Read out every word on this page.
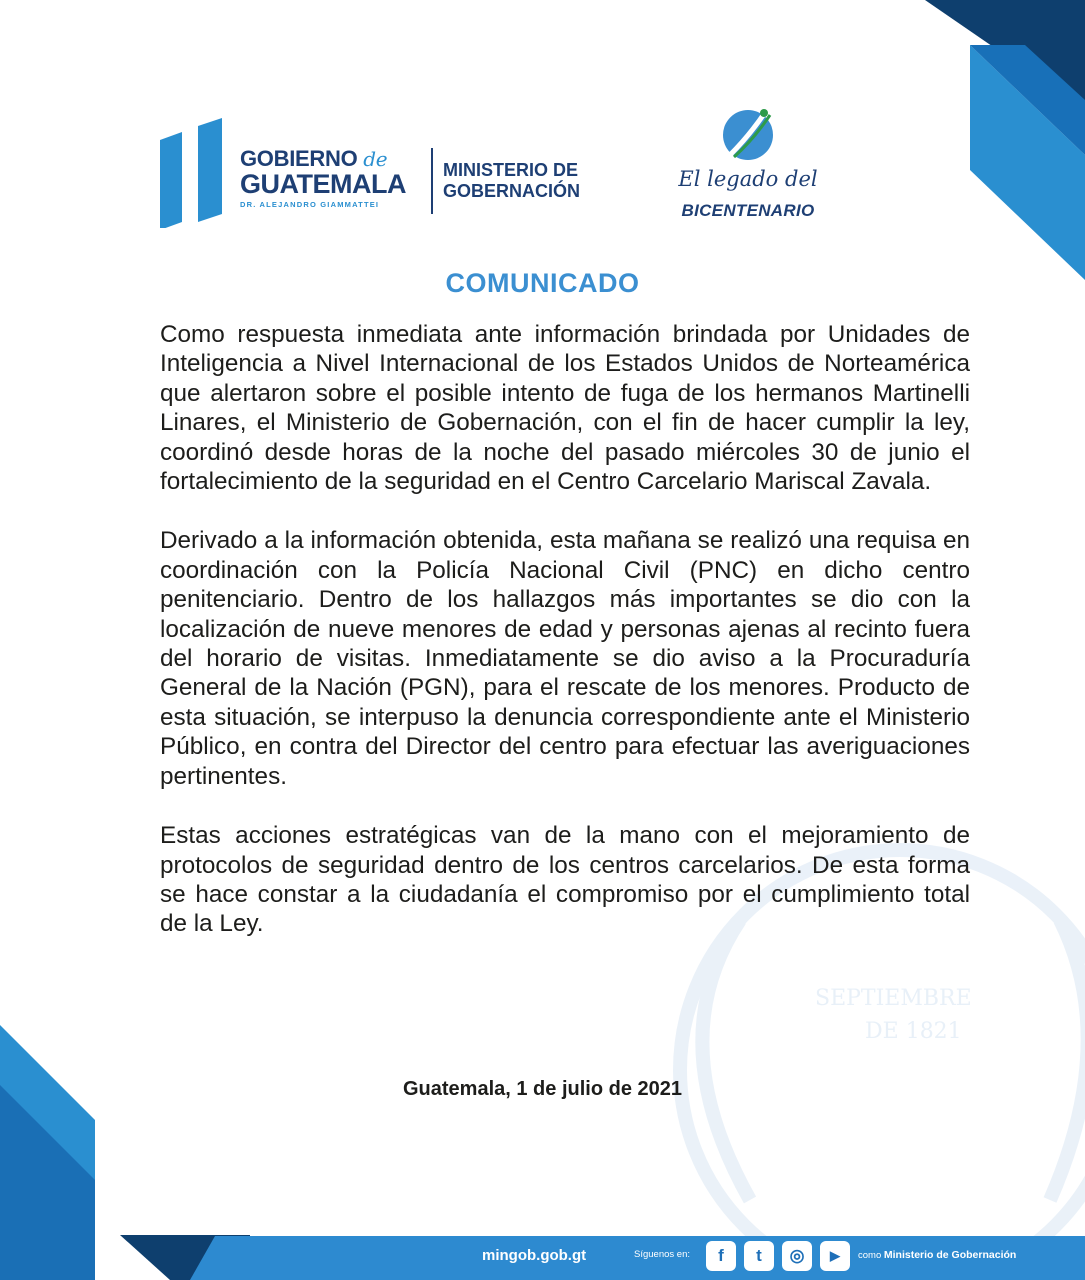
SEPTIEMBRE
DE 1821
GOBIERNO de
GUATEMALA
DR. ALEJANDRO GIAMMATTEI
MINISTERIO DE
GOBERNACIÓN	El legado del
BICENTENARIO
COMUNICADO

Como respuesta inmediata ante información brindada por Unidades de Inteligencia a Nivel Internacional de los Estados Unidos de Norteamérica que alertaron sobre el posible intento de fuga de los hermanos Martinelli Linares, el Ministerio de Gobernación, con el fin de hacer cumplir la ley, coordinó desde horas de la noche del pasado miércoles 30 de junio el fortalecimiento de la seguridad en el Centro Carcelario Mariscal Zavala.

Derivado a la información obtenida, esta mañana se realizó una requisa en coordinación con la Policía Nacional Civil (PNC) en dicho centro penitenciario. Dentro de los hallazgos más importantes se dio con la localización de nueve menores de edad y personas ajenas al recinto fuera del horario de visitas. Inmediatamente se dio aviso a la Procuraduría General de la Nación (PGN), para el rescate de los menores. Producto de esta situación, se interpuso la denuncia correspondiente ante el Ministerio Público, en contra del Director del centro para efectuar las averiguaciones pertinentes.

Estas acciones estratégicas van de la mano con el mejoramiento de protocolos de seguridad dentro de los centros carcelarios. De esta forma se hace constar a la ciudadanía el compromiso por el cumplimiento total de la Ley.

Guatemala, 1 de julio de 2021
mingob.gob.gt	Síguenos en:	f	t	◎	▶	como Ministerio de Gobernación
